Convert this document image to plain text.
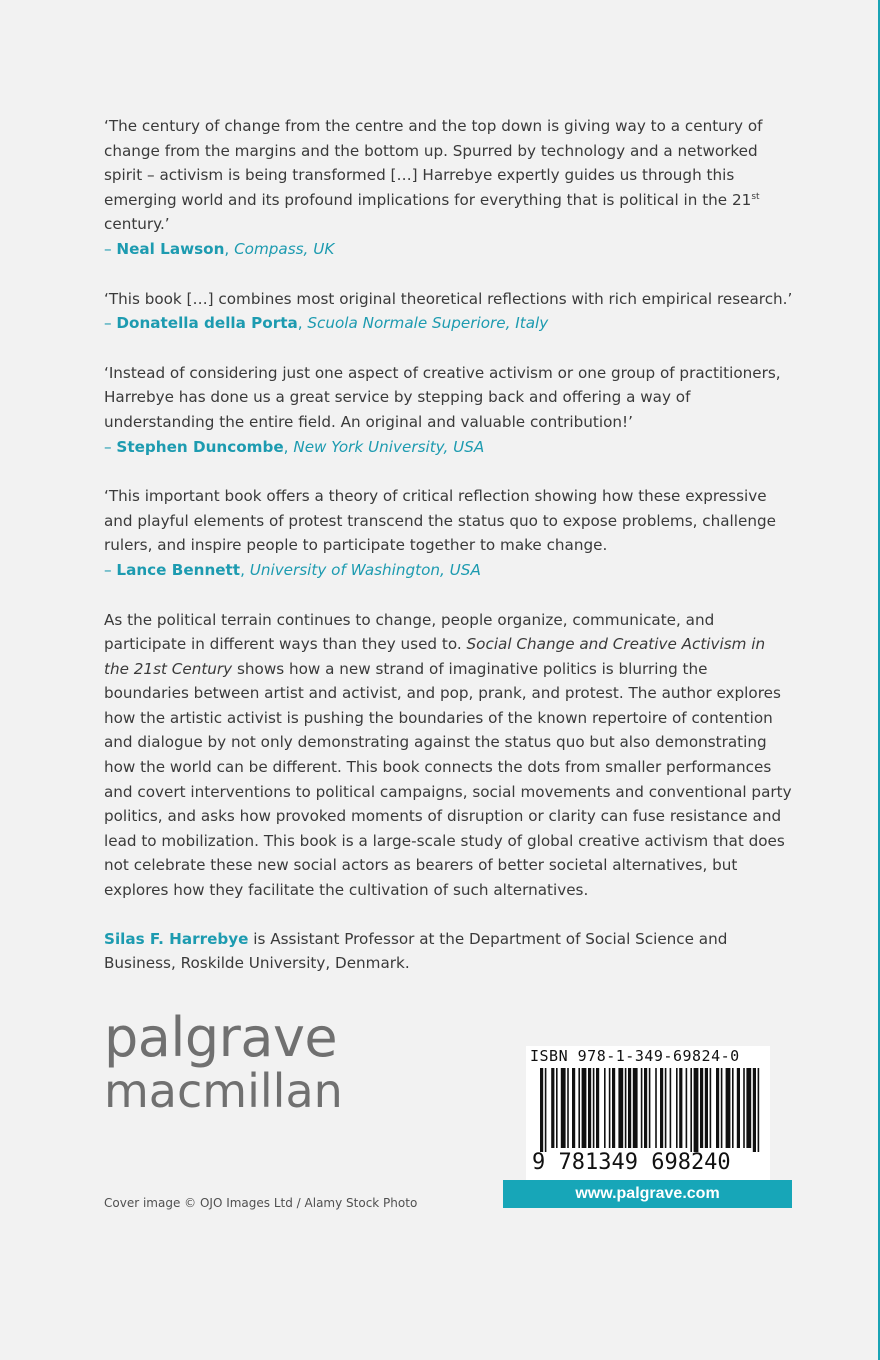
‘The century of change from the centre and the top down is giving way to a century of change from the margins and the bottom up. Spurred by technology and a networked spirit – activism is being transformed […] Harrebye expertly guides us through this emerging world and its profound implications for everything that is political in the 21st century.’

– Neal Lawson, Compass, UK

‘This book […] combines most original theoretical reflections with rich empirical research.’

– Donatella della Porta, Scuola Normale Superiore, Italy

‘Instead of considering just one aspect of creative activism or one group of practitioners, Harrebye has done us a great service by stepping back and offering a way of understanding the entire field. An original and valuable contribution!’

– Stephen Duncombe, New York University, USA

‘This important book offers a theory of critical reflection showing how these expressive and playful elements of protest transcend the status quo to expose problems, challenge rulers, and inspire people to participate together to make change.

– Lance Bennett, University of Washington, USA

As the political terrain continues to change, people organize, communicate, and participate in different ways than they used to. Social Change and Creative Activism in the 21st Century shows how a new strand of imaginative politics is blurring the boundaries between artist and activist, and pop, prank, and protest. The author explores how the artistic activist is pushing the boundaries of the known repertoire of contention and dialogue by not only demonstrating against the status quo but also demonstrating how the world can be different. This book connects the dots from smaller performances and covert interventions to political campaigns, social movements and conventional party politics, and asks how provoked moments of disruption or clarity can fuse resistance and lead to mobilization. This book is a large-scale study of global creative activism that does not celebrate these new social actors as bearers of better societal alternatives, but explores how they facilitate the cultivation of such alternatives.

Silas F. Harrebye is Assistant Professor at the Department of Social Science and Business, Roskilde University, Denmark.

palgrave
macmillan
Cover image © OJO Images Ltd / Alamy Stock Photo
ISBN 978-1-349-69824-0
9 781349 698240
www.palgrave.com
